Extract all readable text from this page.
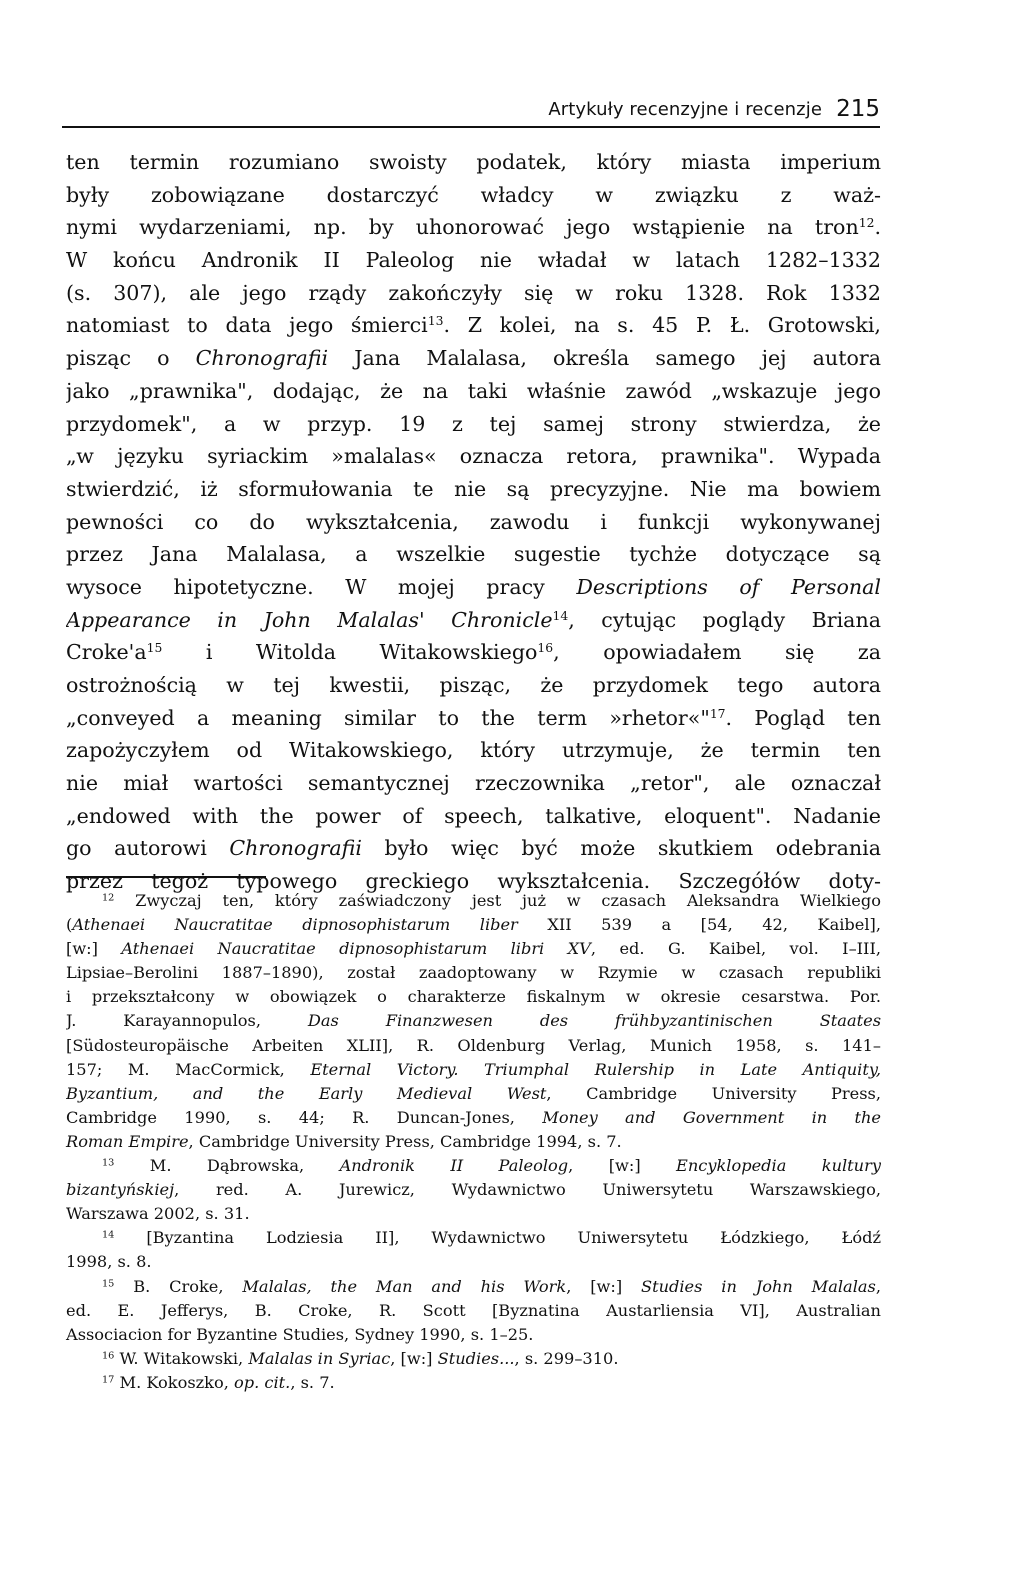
Artykuły recenzyjne i recenzje 215
ten termin rozumiano swoisty podatek, który miasta imperium
były zobowiązane dostarczyć władcy w związku z waż-
nymi wydarzeniami, np. by uhonorować jego wstąpienie na tron$^{12}$.
W końcu Andronik II Paleolog nie władał w latach 1282–1332
(s. 307), ale jego rządy zakończyły się w roku 1328. Rok 1332
natomiast to data jego śmierci$^{13}$. Z kolei, na s. 45 P. Ł. Grotowski,
pisząc o Chronografii Jana Malalasa, określa samego jej autora
jako „prawnika", dodając, że na taki właśnie zawód „wskazuje jego
przydomek", a w przyp. 19 z tej samej strony stwierdza, że
„w języku syriackim »malalas« oznacza retora, prawnika". Wypada
stwierdzić, iż sformułowania te nie są precyzyjne. Nie ma bowiem
pewności co do wykształcenia, zawodu i funkcji wykonywanej
przez Jana Malalasa, a wszelkie sugestie tychże dotyczące są
wysoce hipotetyczne. W mojej pracy Descriptions of Personal
Appearance in John Malalas' Chronicle$^{14}$, cytując poglądy Briana
$Croke'a^{15}$ i Witolda Witakowskiego$^{16}$, opowiadałem się za
ostrożnością w tej kwestii, pisząc, że przydomek tego autora
„conveyed a meaning similar to the term »rhetor«"$^{17}$. Pogląd ten
zapożyczyłem od Witakowskiego, który utrzymuje, że termin ten
nie miał wartości semantycznej rzeczownika „retor", ale oznaczał
„endowed with the power of speech, talkative, eloquent". Nadanie
go autorowi Chronografii było więc być może skutkiem odebrania
przez tegoż typowego greckiego wykształcenia. Szczegółów doty-
$^{12}$ Zwyczaj ten, który zaświadczony jest już w czasach Aleksandra Wielkiego
(Athenaei Naucratitae dipnosophistarum liber XII 539 a [54, 42, Kaibel],
[w:] Athenaei Naucratitae dipnosophistarum libri XV, ed. G. Kaibel, vol. I–III,
Lipsiae–Berolini 1887–1890), został zaadoptowany w Rzymie w czasach republiki
i przekształcony w obowiązek o charakterze fiskalnym w okresie cesarstwa. Por.
J. Karayannopulos, Das Finanzwesen des frühbyzantinischen Staates
[Südosteuropäische Arbeiten XLII], R. Oldenburg Verlag, Munich 1958, s. 141–
157; M. MacCormick, Eternal Victory. Triumphal Rulership in Late Antiquity,
Byzantium, and the Early Medieval West, Cambridge University Press,
Cambridge 1990, s. 44; R. Duncan-Jones, Money and Government in the
Roman Empire, Cambridge University Press, Cambridge 1994, s. 7.
$^{13}$ M. Dąbrowska, Andronik II Paleolog, [w:] Encyklopedia kultury
bizantyńskiej, red. A. Jurewicz, Wydawnictwo Uniwersytetu Warszawskiego,
Warszawa 2002, s. 31.
$^{14}$ [Byzantina Lodziesia II], Wydawnictwo Uniwersytetu Łódzkiego, Łódź
1998, s. 8.
$^{15}$ B. Croke, Malalas, the Man and his Work, [w:] Studies in John Malalas,
ed. E. Jefferys, B. Croke, R. Scott [Byznatina Austarliensia VI], Australian
Associacion for Byzantine Studies, Sydney 1990, s. 1–25.
$^{16}$ W. Witakowski, Malalas in Syriac, [w:] Studies..., s. 299–310.
$^{17}$ M. Kokoszko, op. cit., s. 7.
